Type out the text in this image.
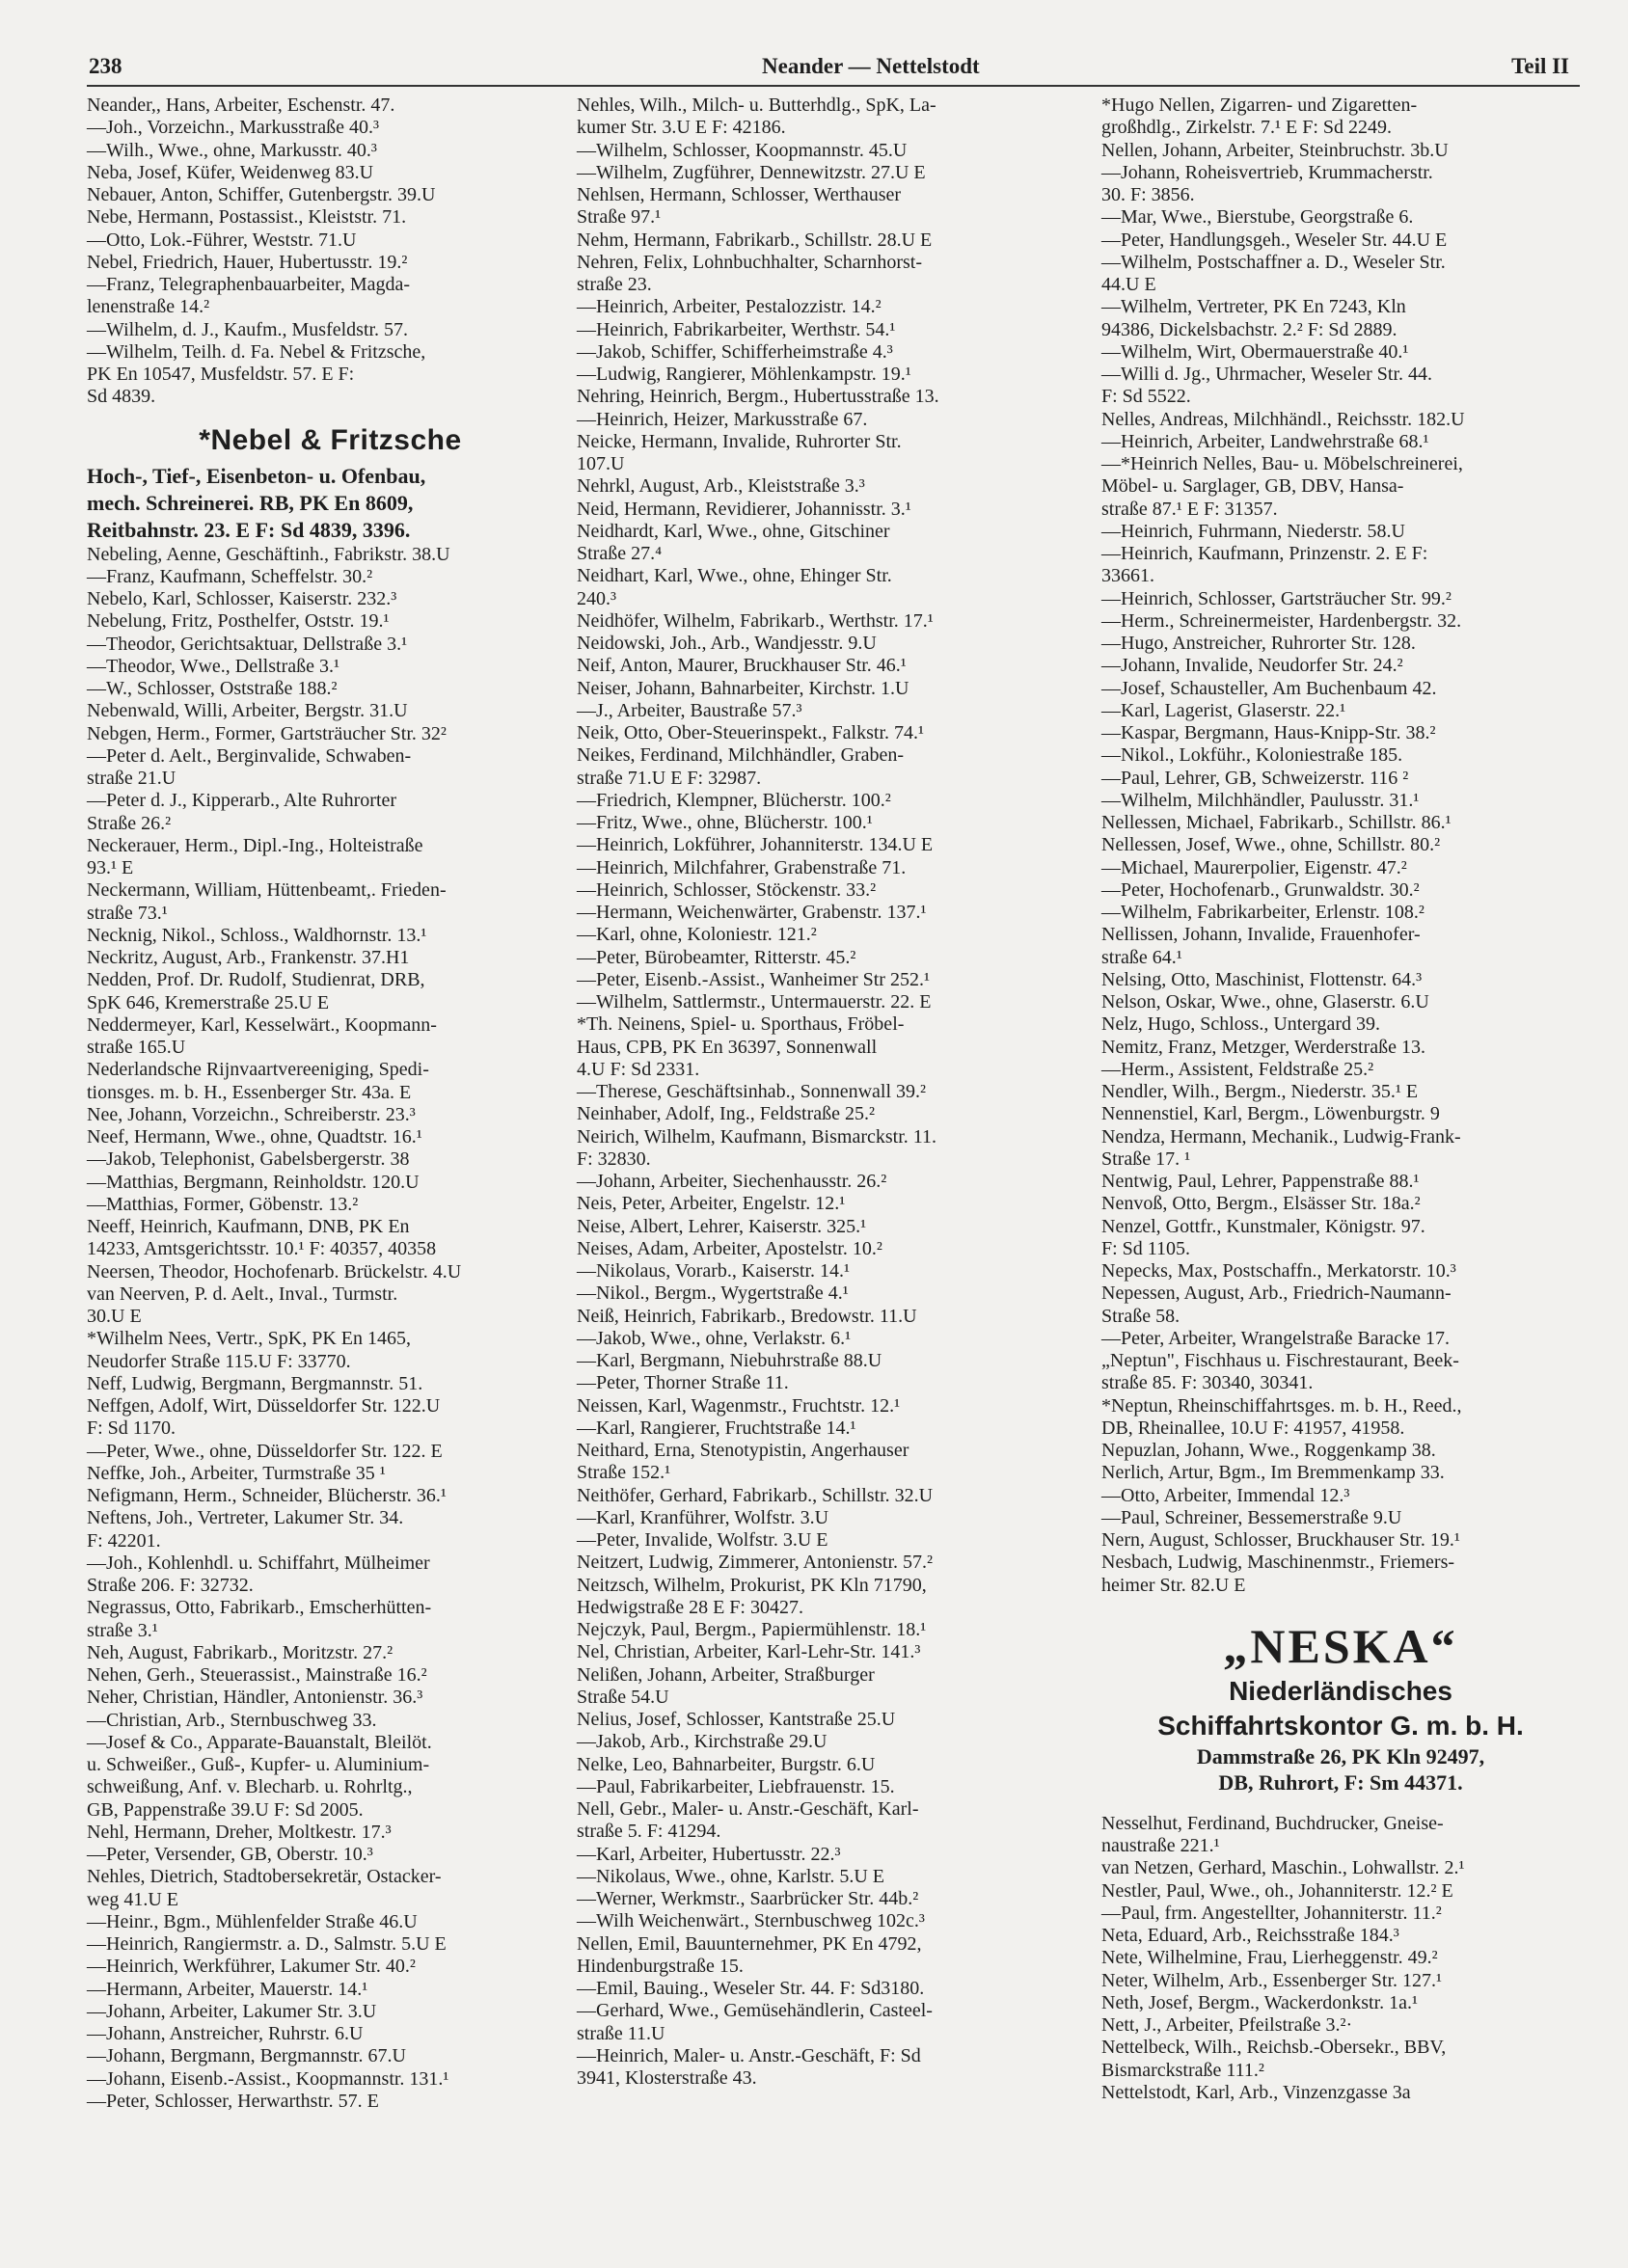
238	Neander — Nettelstodt	Teil II
Neander,, Hans, Arbeiter, Eschenstr. 47.
—Joh., Vorzeichn., Markusstraße 40.³
—Wilh., Wwe., ohne, Markusstr. 40.³
Neba, Josef, Küfer, Weidenweg 83.U
Nebauer, Anton, Schiffer, Gutenbergstr. 39.U
Nebe, Hermann, Postassist., Kleiststr. 71.
—Otto, Lok.-Führer, Weststr. 71.U
Nebel, Friedrich, Hauer, Hubertusstr. 19.²
—Franz, Telegraphenbauarbeiter, Magda-
lenenstraße 14.²
—Wilhelm, d. J., Kaufm., Musfeldstr. 57.
—Wilhelm, Teilh. d. Fa. Nebel & Fritzsche,
PK En 10547, Musfeldstr. 57. E F:
Sd 4839.
*Nebel & Fritzsche
Hoch-, Tief-, Eisenbeton- u. Ofenbau,
mech. Schreinerei. RB, PK En 8609,
Reitbahnstr. 23. E F: Sd 4839, 3396.
Nebeling, Aenne, Geschäftinh., Fabrikstr. 38.U
—Franz, Kaufmann, Scheffelstr. 30.²
Nebelo, Karl, Schlosser, Kaiserstr. 232.³
Nebelung, Fritz, Posthelfer, Oststr. 19.¹
—Theodor, Gerichtsaktuar, Dellstraße 3.¹
—Theodor, Wwe., Dellstraße 3.¹
—W., Schlosser, Oststraße 188.²
Nebenwald, Willi, Arbeiter, Bergstr. 31.U
Nebgen, Herm., Former, Gartsträucher Str. 32²
—Peter d. Aelt., Berginvalide, Schwaben-
straße 21.U
—Peter d. J., Kipperarb., Alte Ruhrorter
Straße 26.²
Neckerauer, Herm., Dipl.-Ing., Holteistraße
93.¹ E
Neckermann, William, Hüttenbeamt,. Frieden-
straße 73.¹
Necknig, Nikol., Schloss., Waldhornstr. 13.¹
Neckritz, August, Arb., Frankenstr. 37.H1
Nedden, Prof. Dr. Rudolf, Studienrat, DRB,
SpK 646, Kremerstraße 25.U E
Neddermeyer, Karl, Kesselwärt., Koopmann-
straße 165.U
Nederlandsche Rijnvaartvereeniging, Spedi-
tionsges. m. b. H., Essenberger Str. 43a. E
Nee, Johann, Vorzeichn., Schreiberstr. 23.³
Neef, Hermann, Wwe., ohne, Quadtstr. 16.¹
—Jakob, Telephonist, Gabelsbergerstr. 38
—Matthias, Bergmann, Reinholdstr. 120.U
—Matthias, Former, Göbenstr. 13.²
Neeff, Heinrich, Kaufmann, DNB, PK En
14233, Amtsgerichtsstr. 10.¹ F: 40357, 40358
Neersen, Theodor, Hochofenarb. Brückelstr. 4.U
van Neerven, P. d. Aelt., Inval., Turmstr.
30.U E
*Wilhelm Nees, Vertr., SpK, PK En 1465,
Neudorfer Straße 115.U F: 33770.
Neff, Ludwig, Bergmann, Bergmannstr. 51.
Neffgen, Adolf, Wirt, Düsseldorfer Str. 122.U
F: Sd 1170.
—Peter, Wwe., ohne, Düsseldorfer Str. 122. E
Neffke, Joh., Arbeiter, Turmstraße 35 ¹
Nefigmann, Herm., Schneider, Blücherstr. 36.¹
Neftens, Joh., Vertreter, Lakumer Str. 34.
F: 42201.
—Joh., Kohlenhdl. u. Schiffahrt, Mülheimer
Straße 206. F: 32732.
Negrassus, Otto, Fabrikarb., Emscherhütten-
straße 3.¹
Neh, August, Fabrikarb., Moritzstr. 27.²
Nehen, Gerh., Steuerassist., Mainstraße 16.²
Neher, Christian, Händler, Antonienstr. 36.³
—Christian, Arb., Sternbuschweg 33.
—Josef & Co., Apparate-Bauanstalt, Bleilöt.
u. Schweißer., Guß-, Kupfer- u. Aluminium-
schweißung, Anf. v. Blecharb. u. Rohrltg.,
GB, Pappenstraße 39.U F: Sd 2005.
Nehl, Hermann, Dreher, Moltkestr. 17.³
—Peter, Versender, GB, Oberstr. 10.³
Nehles, Dietrich, Stadtobersekretär, Ostacker-
weg 41.U E
—Heinr., Bgm., Mühlenfelder Straße 46.U
—Heinrich, Rangiermstr. a. D., Salmstr. 5.U E
—Heinrich, Werkführer, Lakumer Str. 40.²
—Hermann, Arbeiter, Mauerstr. 14.¹
—Johann, Arbeiter, Lakumer Str. 3.U
—Johann, Anstreicher, Ruhrstr. 6.U
—Johann, Bergmann, Bergmannstr. 67.U
—Johann, Eisenb.-Assist., Koopmannstr. 131.¹
—Peter, Schlosser, Herwarthstr. 57. E
Nehles, Wilh., Milch- u. Butterhdlg., SpK, La-
kumer Str. 3.U E F: 42186.
—Wilhelm, Schlosser, Koopmannstr. 45.U
—Wilhelm, Zugführer, Dennewitzstr. 27.U E
Nehlsen, Hermann, Schlosser, Werthauser
Straße 97.¹
Nehm, Hermann, Fabrikarb., Schillstr. 28.U E
Nehren, Felix, Lohnbuchhalter, Scharnhorst-
straße 23.
—Heinrich, Arbeiter, Pestalozzistr. 14.²
—Heinrich, Fabrikarbeiter, Werthstr. 54.¹
—Jakob, Schiffer, Schifferheimstraße 4.³
—Ludwig, Rangierer, Möhlenkampstr. 19.¹
Nehring, Heinrich, Bergm., Hubertusstraße 13.
—Heinrich, Heizer, Markusstraße 67.
Neicke, Hermann, Invalide, Ruhrorter Str.
107.U
Nehrkl, August, Arb., Kleiststraße 3.³
Neid, Hermann, Revidierer, Johannisstr. 3.¹
Neidhardt, Karl, Wwe., ohne, Gitschiner
Straße 27.⁴
Neidhart, Karl, Wwe., ohne, Ehinger Str.
240.³
Neidhöfer, Wilhelm, Fabrikarb., Werthstr. 17.¹
Neidowski, Joh., Arb., Wandjesstr. 9.U
Neif, Anton, Maurer, Bruckhauser Str. 46.¹
Neiser, Johann, Bahnarbeiter, Kirchstr. 1.U
—J., Arbeiter, Baustraße 57.³
Neik, Otto, Ober-Steuerinspekt., Falkstr. 74.¹
Neikes, Ferdinand, Milchhändler, Graben-
straße 71.U E F: 32987.
—Friedrich, Klempner, Blücherstr. 100.²
—Fritz, Wwe., ohne, Blücherstr. 100.¹
—Heinrich, Lokführer, Johanniterstr. 134.U E
—Heinrich, Milchfahrer, Grabenstraße 71.
—Heinrich, Schlosser, Stöckenstr. 33.²
—Hermann, Weichenwärter, Grabenstr. 137.¹
—Karl, ohne, Koloniestr. 121.²
—Peter, Bürobeamter, Ritterstr. 45.²
—Peter, Eisenb.-Assist., Wanheimer Str 252.¹
—Wilhelm, Sattlermstr., Untermauerstr. 22. E
*Th. Neinens, Spiel- u. Sporthaus, Fröbel-
Haus, CPB, PK En 36397, Sonnenwall
4.U F: Sd 2331.
—Therese, Geschäftsinhab., Sonnenwall 39.²
Neinhaber, Adolf, Ing., Feldstraße 25.²
Neirich, Wilhelm, Kaufmann, Bismarckstr. 11.
F: 32830.
—Johann, Arbeiter, Siechenhausstr. 26.²
Neis, Peter, Arbeiter, Engelstr. 12.¹
Neise, Albert, Lehrer, Kaiserstr. 325.¹
Neises, Adam, Arbeiter, Apostelstr. 10.²
—Nikolaus, Vorarb., Kaiserstr. 14.¹
—Nikol., Bergm., Wygertstraße 4.¹
Neiß, Heinrich, Fabrikarb., Bredowstr. 11.U
—Jakob, Wwe., ohne, Verlakstr. 6.¹
—Karl, Bergmann, Niebuhrstraße 88.U
—Peter, Thorner Straße 11.
Neissen, Karl, Wagenmstr., Fruchtstr. 12.¹
—Karl, Rangierer, Fruchtstraße 14.¹
Neithard, Erna, Stenotypistin, Angerhauser
Straße 152.¹
Neithöfer, Gerhard, Fabrikarb., Schillstr. 32.U
—Karl, Kranführer, Wolfstr. 3.U
—Peter, Invalide, Wolfstr. 3.U E
Neitzert, Ludwig, Zimmerer, Antonienstr. 57.²
Neitzsch, Wilhelm, Prokurist, PK Kln 71790,
Hedwigstraße 28 E F: 30427.
Nejczyk, Paul, Bergm., Papiermühlenstr. 18.¹
Nel, Christian, Arbeiter, Karl-Lehr-Str. 141.³
Nelißen, Johann, Arbeiter, Straßburger
Straße 54.U
Nelius, Josef, Schlosser, Kantstraße 25.U
—Jakob, Arb., Kirchstraße 29.U
Nelke, Leo, Bahnarbeiter, Burgstr. 6.U
—Paul, Fabrikarbeiter, Liebfrauenstr. 15.
Nell, Gebr., Maler- u. Anstr.-Geschäft, Karl-
straße 5. F: 41294.
—Karl, Arbeiter, Hubertusstr. 22.³
—Nikolaus, Wwe., ohne, Karlstr. 5.U E
—Werner, Werkmstr., Saarbrücker Str. 44b.²
—Wilh Weichenwärt., Sternbuschweg 102c.³
Nellen, Emil, Bauunternehmer, PK En 4792,
Hindenburgstraße 15.
—Emil, Bauing., Weseler Str. 44. F: Sd3180.
—Gerhard, Wwe., Gemüsehändlerin, Casteel-
straße 11.U
—Heinrich, Maler- u. Anstr.-Geschäft, F: Sd
3941, Klosterstraße 43.
*Hugo Nellen, Zigarren- und Zigaretten-
großhdlg., Zirkelstr. 7.¹ E F: Sd 2249.
Nellen, Johann, Arbeiter, Steinbruchstr. 3b.U
—Johann, Roheisvertrieb, Krummacherstr.
30. F: 3856.
—Mar, Wwe., Bierstube, Georgstraße 6.
—Peter, Handlungsgeh., Weseler Str. 44.U E
—Wilhelm, Postschaffner a. D., Weseler Str.
44.U E
—Wilhelm, Vertreter, PK En 7243, Kln
94386, Dickelsbachstr. 2.² F: Sd 2889.
—Wilhelm, Wirt, Obermauerstraße 40.¹
—Willi d. Jg., Uhrmacher, Weseler Str. 44.
F: Sd 5522.
Nelles, Andreas, Milchhändl., Reichsstr. 182.U
—Heinrich, Arbeiter, Landwehrstraße 68.¹
—*Heinrich Nelles, Bau- u. Möbelschreinerei,
Möbel- u. Sarglager, GB, DBV, Hansa-
straße 87.¹ E F: 31357.
—Heinrich, Fuhrmann, Niederstr. 58.U
—Heinrich, Kaufmann, Prinzenstr. 2. E F:
33661.
—Heinrich, Schlosser, Gartsträucher Str. 99.²
—Herm., Schreinermeister, Hardenbergstr. 32.
—Hugo, Anstreicher, Ruhrorter Str. 128.
—Johann, Invalide, Neudorfer Str. 24.²
—Josef, Schausteller, Am Buchenbaum 42.
—Karl, Lagerist, Glaserstr. 22.¹
—Kaspar, Bergmann, Haus-Knipp-Str. 38.²
—Nikol., Lokführ., Koloniestraße 185.
—Paul, Lehrer, GB, Schweizerstr. 116 ²
—Wilhelm, Milchhändler, Paulusstr. 31.¹
Nellessen, Michael, Fabrikarb., Schillstr. 86.¹
Nellessen, Josef, Wwe., ohne, Schillstr. 80.²
—Michael, Maurerpolier, Eigenstr. 47.²
—Peter, Hochofenarb., Grunwaldstr. 30.²
—Wilhelm, Fabrikarbeiter, Erlenstr. 108.²
Nellissen, Johann, Invalide, Frauenhofer-
straße 64.¹
Nelsing, Otto, Maschinist, Flottenstr. 64.³
Nelson, Oskar, Wwe., ohne, Glaserstr. 6.U
Nelz, Hugo, Schloss., Untergard 39.
Nemitz, Franz, Metzger, Werderstraße 13.
—Herm., Assistent, Feldstraße 25.²
Nendler, Wilh., Bergm., Niederstr. 35.¹ E
Nennenstiel, Karl, Bergm., Löwenburgstr. 9
Nendza, Hermann, Mechanik., Ludwig-Frank-
Straße 17. ¹
Nentwig, Paul, Lehrer, Pappenstraße 88.¹
Nenvoß, Otto, Bergm., Elsässer Str. 18a.²
Nenzel, Gottfr., Kunstmaler, Königstr. 97.
F: Sd 1105.
Nepecks, Max, Postschaffn., Merkatorstr. 10.³
Nepessen, August, Arb., Friedrich-Naumann-
Straße 58.
—Peter, Arbeiter, Wrangelstraße Baracke 17.
„Neptun", Fischhaus u. Fischrestaurant, Beek-
straße 85. F: 30340, 30341.
*Neptun, Rheinschiffahrtsges. m. b. H., Reed.,
DB, Rheinallee, 10.U F: 41957, 41958.
Nepuzlan, Johann, Wwe., Roggenkamp 38.
Nerlich, Artur, Bgm., Im Bremmenkamp 33.
—Otto, Arbeiter, Immendal 12.³
—Paul, Schreiner, Bessemerstraße 9.U
Nern, August, Schlosser, Bruckhauser Str. 19.¹
Nesbach, Ludwig, Maschinenmstr., Friemers-
heimer Str. 82.U E
„NESKA“
Niederländisches
Schiffahrtskontor G. m. b. H.
Dammstraße 26, PK Kln 92497,
DB, Ruhrort, F: Sm 44371.
Nesselhut, Ferdinand, Buchdrucker, Gneise-
naustraße 221.¹
van Netzen, Gerhard, Maschin., Lohwallstr. 2.¹
Nestler, Paul, Wwe., oh., Johanniterstr. 12.² E
—Paul, frm. Angestellter, Johanniterstr. 11.²
Neta, Eduard, Arb., Reichsstraße 184.³
Nete, Wilhelmine, Frau, Lierheggenstr. 49.²
Neter, Wilhelm, Arb., Essenberger Str. 127.¹
Neth, Josef, Bergm., Wackerdonkstr. 1a.¹
Nett, J., Arbeiter, Pfeilstraße 3.²·
Nettelbeck, Wilh., Reichsb.-Obersekr., BBV,
Bismarckstraße 111.²
Nettelstodt, Karl, Arb., Vinzenzgasse 3a
